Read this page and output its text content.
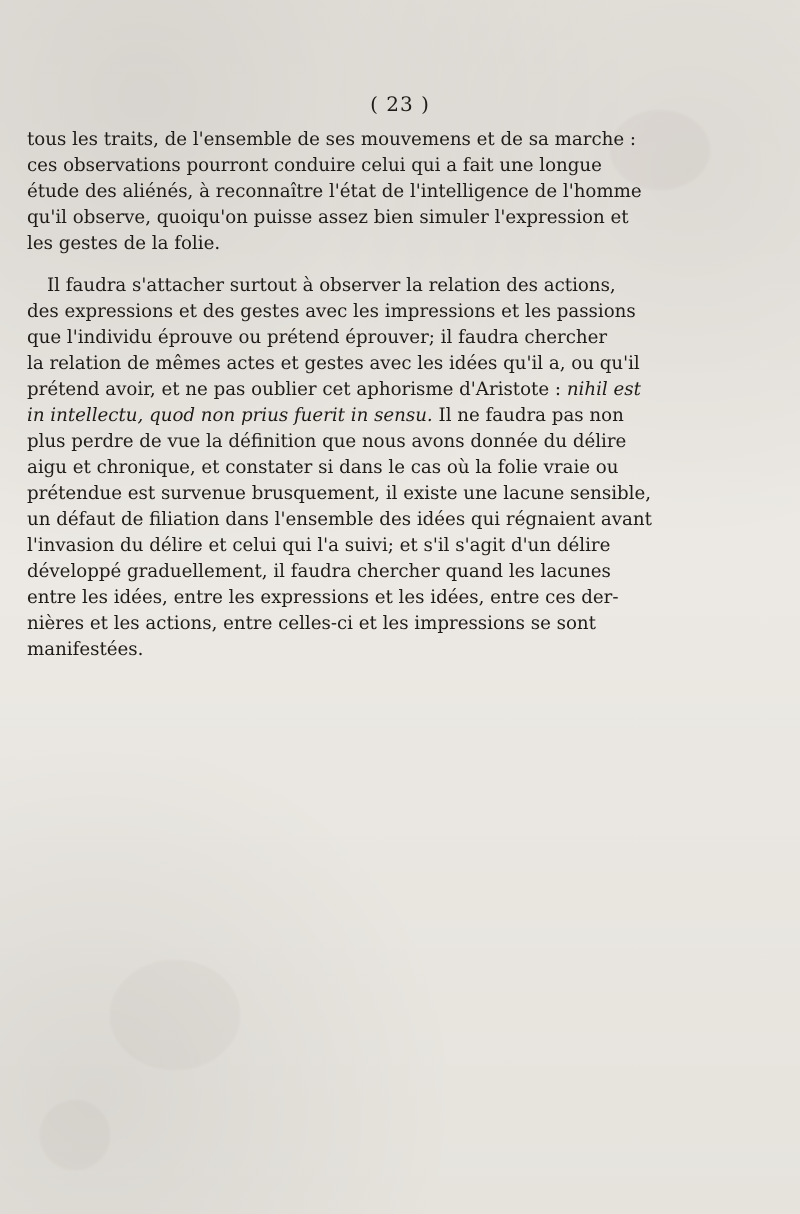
( 23 )

tous les traits, de l'ensemble de ses mouvemens et de sa marche :
ces observations pourront conduire celui qui a fait une longue
étude des aliénés, à reconnaître l'état de l'intelligence de l'homme
qu'il observe, quoiqu'on puisse assez bien simuler l'expression et
les gestes de la folie.

Il faudra s'attacher surtout à observer la relation des actions,
des expressions et des gestes avec les impressions et les passions
que l'individu éprouve ou prétend éprouver; il faudra chercher
la relation de mêmes actes et gestes avec les idées qu'il a, ou qu'il
prétend avoir, et ne pas oublier cet aphorisme d'Aristote : nihil est
in intellectu, quod non prius fuerit in sensu. Il ne faudra pas non
plus perdre de vue la définition que nous avons donnée du délire
aigu et chronique, et constater si dans le cas où la folie vraie ou
prétendue est survenue brusquement, il existe une lacune sensible,
un défaut de filiation dans l'ensemble des idées qui régnaient avant
l'invasion du délire et celui qui l'a suivi; et s'il s'agit d'un délire
développé graduellement, il faudra chercher quand les lacunes
entre les idées, entre les expressions et les idées, entre ces der-
nières et les actions, entre celles-ci et les impressions se sont
manifestées.
